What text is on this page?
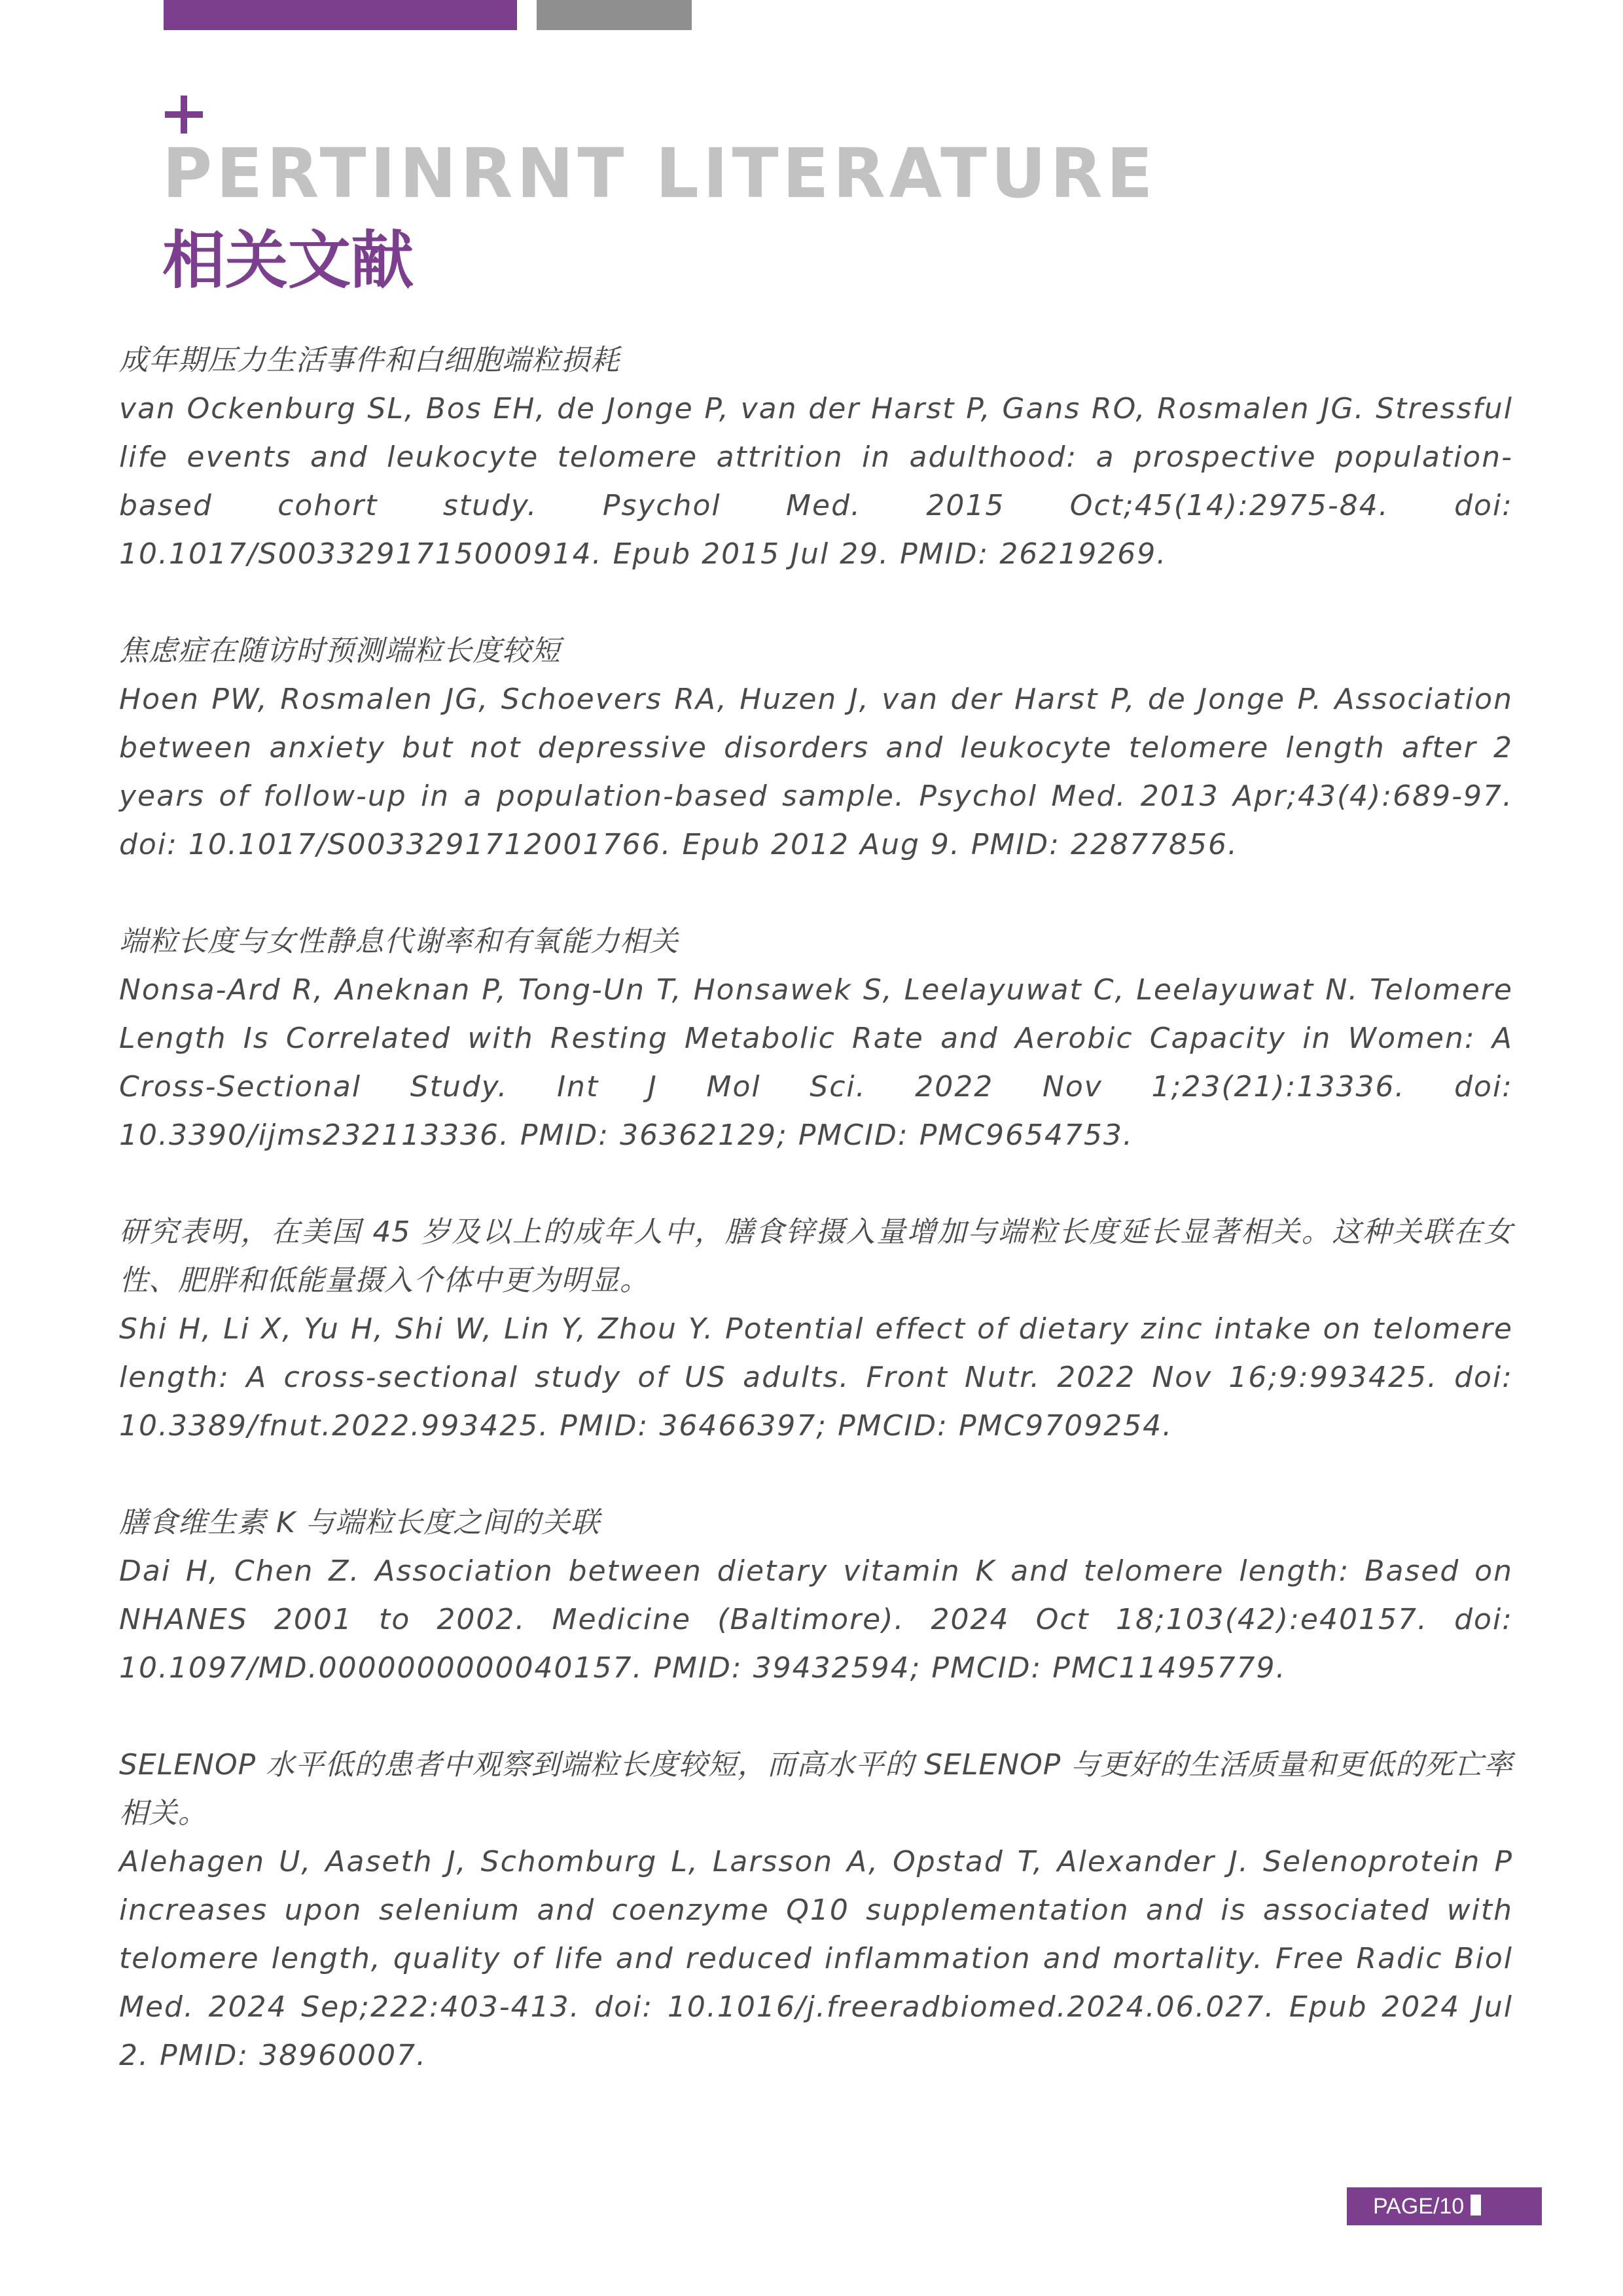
PERTINRNT LITERATURE
相关文献

成年期压力生活事件和白细胞端粒损耗

van Ockenburg SL, Bos EH, de Jonge P, van der Harst P, Gans RO, Rosmalen JG. Stressful life events and leukocyte telomere attrition in adulthood: a prospective population-based cohort study. Psychol Med. 2015 Oct;45(14):2975-84. doi: 10.1017/S0033291715000914. Epub 2015 Jul 29. PMID: 26219269.

焦虑症在随访时预测端粒长度较短

Hoen PW, Rosmalen JG, Schoevers RA, Huzen J, van der Harst P, de Jonge P. Association between anxiety but not depressive disorders and leukocyte telomere length after 2 years of follow-up in a population-based sample. Psychol Med. 2013 Apr;43(4):689-97. doi: 10.1017/S0033291712001766. Epub 2012 Aug 9. PMID: 22877856.

端粒长度与女性静息代谢率和有氧能力相关

Nonsa-Ard R, Aneknan P, Tong-Un T, Honsawek S, Leelayuwat C, Leelayuwat N. Telomere Length Is Correlated with Resting Metabolic Rate and Aerobic Capacity in Women: A Cross-Sectional Study. Int J Mol Sci. 2022 Nov 1;23(21):13336. doi: 10.3390/ijms232113336. PMID: 36362129; PMCID: PMC9654753.

研究表明，在美国 45 岁及以上的成年人中，膳食锌摄入量增加与端粒长度延长显著相关。这种关联在女性、肥胖和低能量摄入个体中更为明显。

Shi H, Li X, Yu H, Shi W, Lin Y, Zhou Y. Potential effect of dietary zinc intake on telomere length: A cross-sectional study of US adults. Front Nutr. 2022 Nov 16;9:993425. doi: 10.3389/fnut.2022.993425. PMID: 36466397; PMCID: PMC9709254.

膳食维生素 K 与端粒长度之间的关联

Dai H, Chen Z. Association between dietary vitamin K and telomere length: Based on NHANES 2001 to 2002. Medicine (Baltimore). 2024 Oct 18;103(42):e40157. doi: 10.1097/MD.0000000000040157. PMID: 39432594; PMCID: PMC11495779.

SELENOP 水平低的患者中观察到端粒长度较短，而高水平的 SELENOP 与更好的生活质量和更低的死亡率相关。

Alehagen U, Aaseth J, Schomburg L, Larsson A, Opstad T, Alexander J. Selenoprotein P increases upon selenium and coenzyme Q10 supplementation and is associated with telomere length, quality of life and reduced inflammation and mortality. Free Radic Biol Med. 2024 Sep;222:403-413. doi: 10.1016/j.freeradbiomed.2024.06.027. Epub 2024 Jul 2. PMID: 38960007.

PAGE/10
